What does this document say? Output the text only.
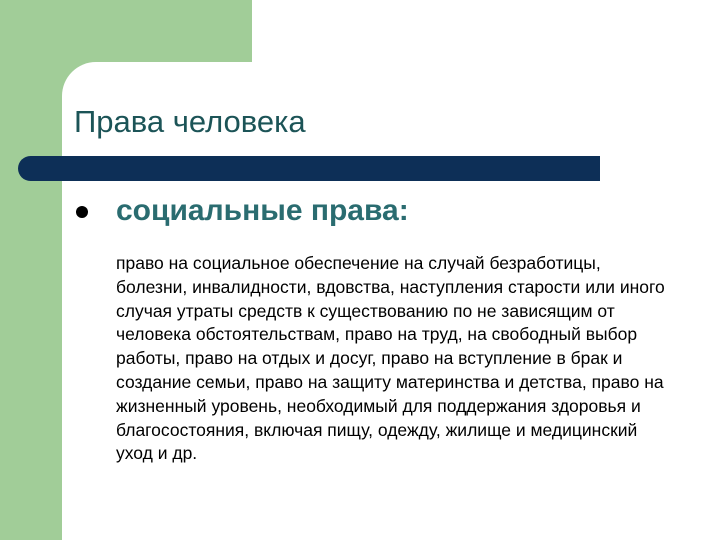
Права человека
социальные права:

право на социальное обеспечение на случай безработицы, болезни, инвалидности, вдовства, наступления старости или иного случая утраты средств к существованию по не зависящим от человека обстоятельствам, право на труд, на свободный выбор работы, право на отдых и досуг, право на вступление в брак и создание семьи, право на защиту материнства и детства, право на жизненный уровень, необходимый для поддержания здоровья и благосостояния, включая пищу, одежду, жилище и медицинский уход и др.
